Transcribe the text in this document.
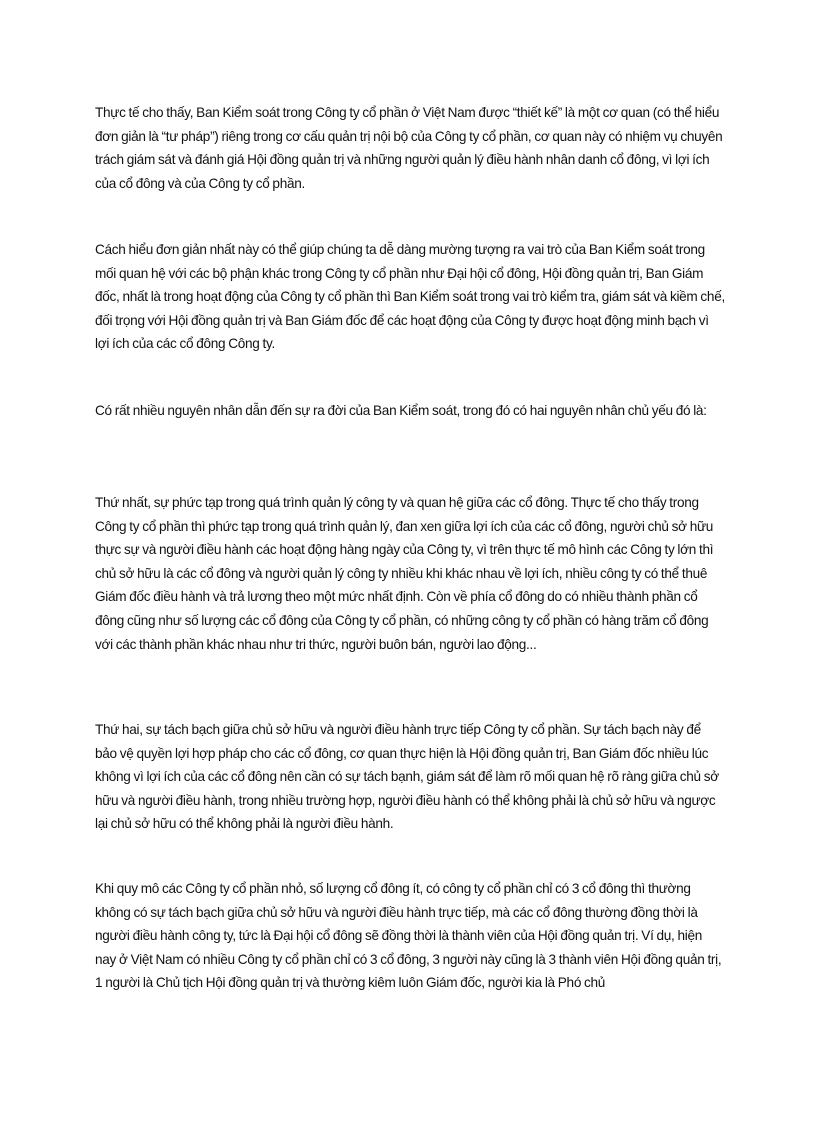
Thực tế cho thấy, Ban Kiểm soát trong Công ty cổ phần ở Việt Nam được “thiết kế” là một cơ quan (có thể hiểu đơn giản là “tư pháp”) riêng trong cơ cấu quản trị nội bộ của Công ty cổ phần, cơ quan này có nhiệm vụ chuyên trách giám sát và đánh giá Hội đồng quản trị và những người quản lý điều hành nhân danh cổ đông, vì lợi ích của cổ đông và của Công ty cổ phần.

Cách hiểu đơn giản nhất này có thể giúp chúng ta dễ dàng mường tượng ra vai trò của Ban Kiểm soát trong mối quan hệ với các bộ phận khác trong Công ty cổ phần như Đại hội cổ đông, Hội đồng quản trị, Ban Giám đốc, nhất là trong hoạt động của Công ty cổ phần thì Ban Kiểm soát trong vai trò kiểm tra, giám sát và kiềm chế, đối trọng với Hội đồng quản trị và Ban Giám đốc để các hoạt động của Công ty được hoạt động minh bạch vì lợi ích của các cổ đông Công ty.

Có rất nhiều nguyên nhân dẫn đến sự ra đời của Ban Kiểm soát, trong đó có hai nguyên nhân chủ yếu đó là:

Thứ nhất, sự phức tạp trong quá trình quản lý công ty và quan hệ giữa các cổ đông. Thực tế cho thấy trong Công ty cổ phần thì phức tạp trong quá trình quản lý, đan xen giữa lợi ích của các cổ đông, người chủ sở hữu thực sự và người điều hành các hoạt động hàng ngày của Công ty, vì trên thực tế mô hình các Công ty lớn thì chủ sở hữu là các cổ đông và người quản lý công ty nhiều khi khác nhau về lợi ích, nhiều công ty có thể thuê Giám đốc điều hành và trả lương theo một mức nhất định. Còn về phía cổ đông do có nhiều thành phần cổ đông cũng như số lượng các cổ đông của Công ty cổ phần, có những công ty cổ phần có hàng trăm cổ đông với các thành phần khác nhau như tri thức, người buôn bán, người lao động...

Thứ hai, sự tách bạch giữa chủ sở hữu và người điều hành trực tiếp Công ty cổ phần. Sự tách bạch này để bảo vệ quyền lợi hợp pháp cho các cổ đông, cơ quan thực hiện là Hội đồng quản trị, Ban Giám đốc nhiều lúc không vì lợi ích của các cổ đông nên cần có sự tách bạnh, giám sát để làm rõ mối quan hệ rõ ràng giữa chủ sở hữu và người điều hành, trong nhiều trường hợp, người điều hành có thể không phải là chủ sở hữu và ngược lại chủ sở hữu có thể không phải là người điều hành.

Khi quy mô các Công ty cổ phần nhỏ, số lượng cổ đông ít, có công ty cổ phần chỉ có 3 cổ đông thì thường không có sự tách bạch giữa chủ sở hữu và người điều hành trực tiếp, mà các cổ đông thường đồng thời là người điều hành công ty, tức là Đại hội cổ đông sẽ đồng thời là thành viên của Hội đồng quản trị. Ví dụ, hiện nay ở Việt Nam có nhiều Công ty cổ phần chỉ có 3 cổ đông, 3 người này cũng là 3 thành viên Hội đồng quản trị, 1 người là Chủ tịch Hội đồng quản trị và thường kiêm luôn Giám đốc, người kia là Phó chủ
